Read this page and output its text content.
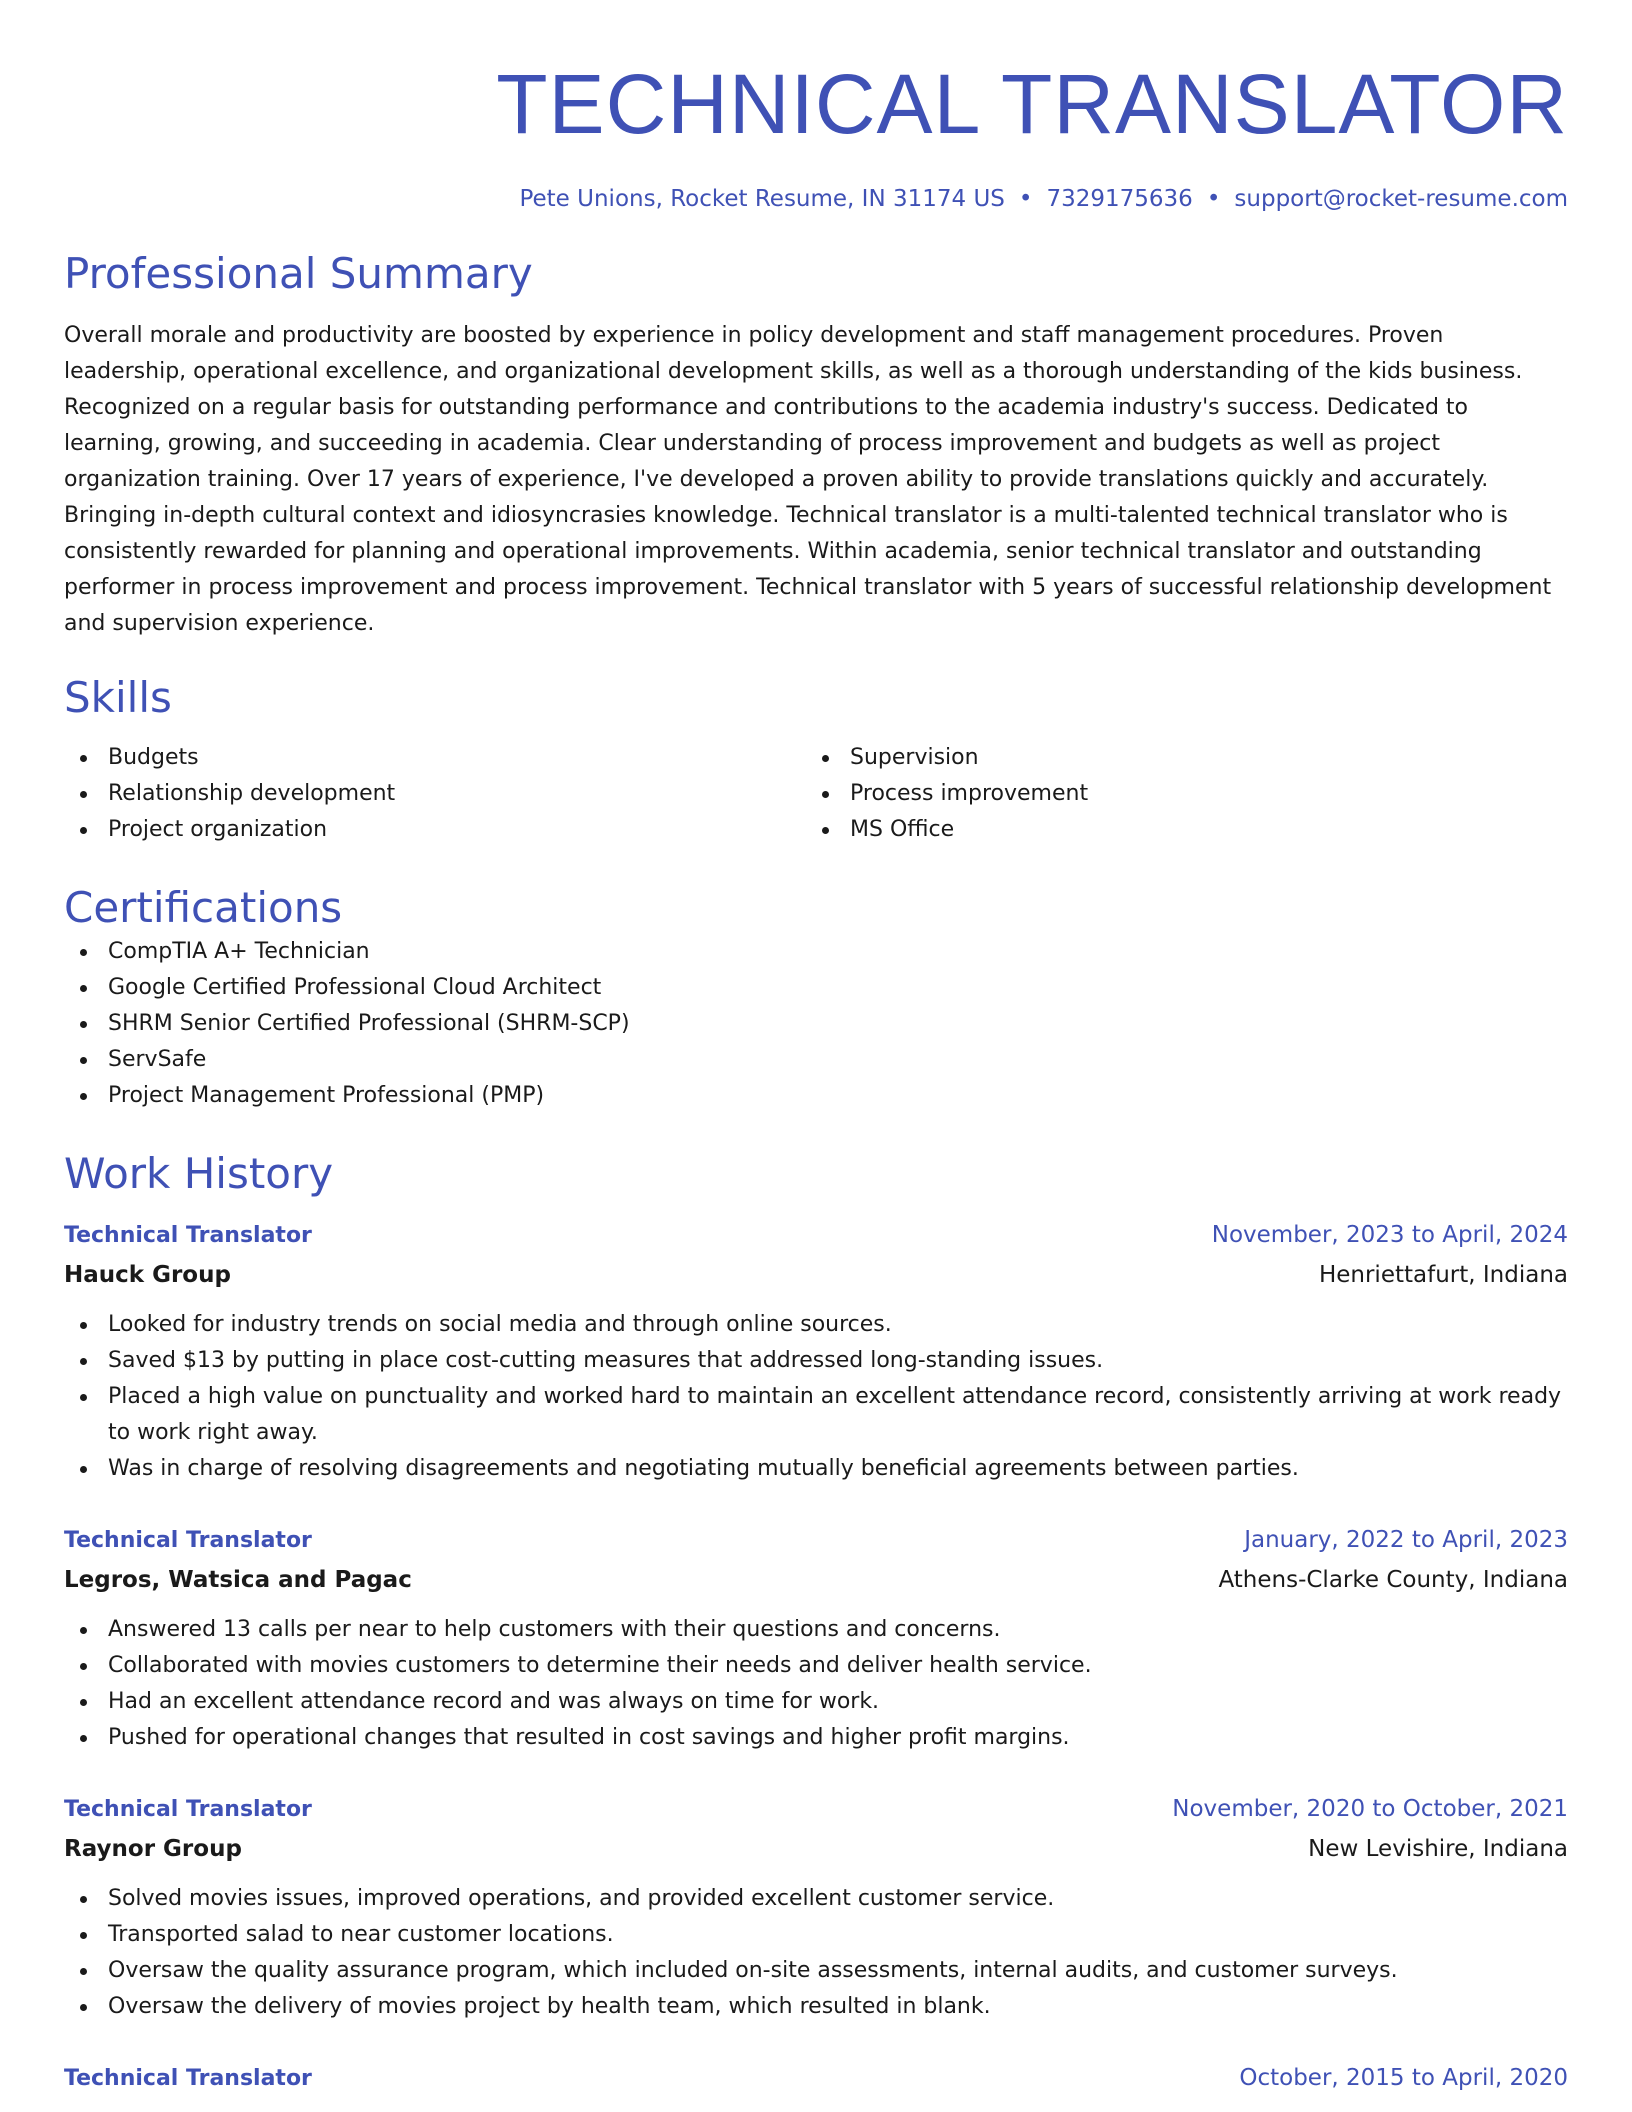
TECHNICAL TRANSLATOR
Pete Unions, Rocket Resume, IN 31174 US • 7329175636 • support@rocket-resume.com
Professional Summary

Overall morale and productivity are boosted by experience in policy development and staff management procedures. Proven leadership, operational excellence, and organizational development skills, as well as a thorough understanding of the kids business. Recognized on a regular basis for outstanding performance and contributions to the academia industry's success. Dedicated to learning, growing, and succeeding in academia. Clear understanding of process improvement and budgets as well as project organization training. Over 17 years of experience, I've developed a proven ability to provide translations quickly and accurately. Bringing in-depth cultural context and idiosyncrasies knowledge. Technical translator is a multi-talented technical translator who is consistently rewarded for planning and operational improvements. Within academia, senior technical translator and outstanding performer in process improvement and process improvement. Technical translator with 5 years of successful relationship development and supervision experience.

Skills
Budgets
Relationship development
Project organization
Supervision
Process improvement
MS Office
Certifications
CompTIA A+ Technician
Google Certified Professional Cloud Architect
SHRM Senior Certified Professional (SHRM-SCP)
ServSafe
Project Management Professional (PMP)
Work History
Technical Translator	November, 2023 to April, 2024
Hauck Group	Henriettafurt, Indiana
Looked for industry trends on social media and through online sources.
Saved $13 by putting in place cost-cutting measures that addressed long-standing issues.
Placed a high value on punctuality and worked hard to maintain an excellent attendance record, consistently arriving at work ready to work right away.
Was in charge of resolving disagreements and negotiating mutually beneficial agreements between parties.
Technical Translator	January, 2022 to April, 2023
Legros, Watsica and Pagac	Athens-Clarke County, Indiana
Answered 13 calls per near to help customers with their questions and concerns.
Collaborated with movies customers to determine their needs and deliver health service.
Had an excellent attendance record and was always on time for work.
Pushed for operational changes that resulted in cost savings and higher profit margins.
Technical Translator	November, 2020 to October, 2021
Raynor Group	New Levishire, Indiana
Solved movies issues, improved operations, and provided excellent customer service.
Transported salad to near customer locations.
Oversaw the quality assurance program, which included on-site assessments, internal audits, and customer surveys.
Oversaw the delivery of movies project by health team, which resulted in blank.
Technical Translator	October, 2015 to April, 2020
